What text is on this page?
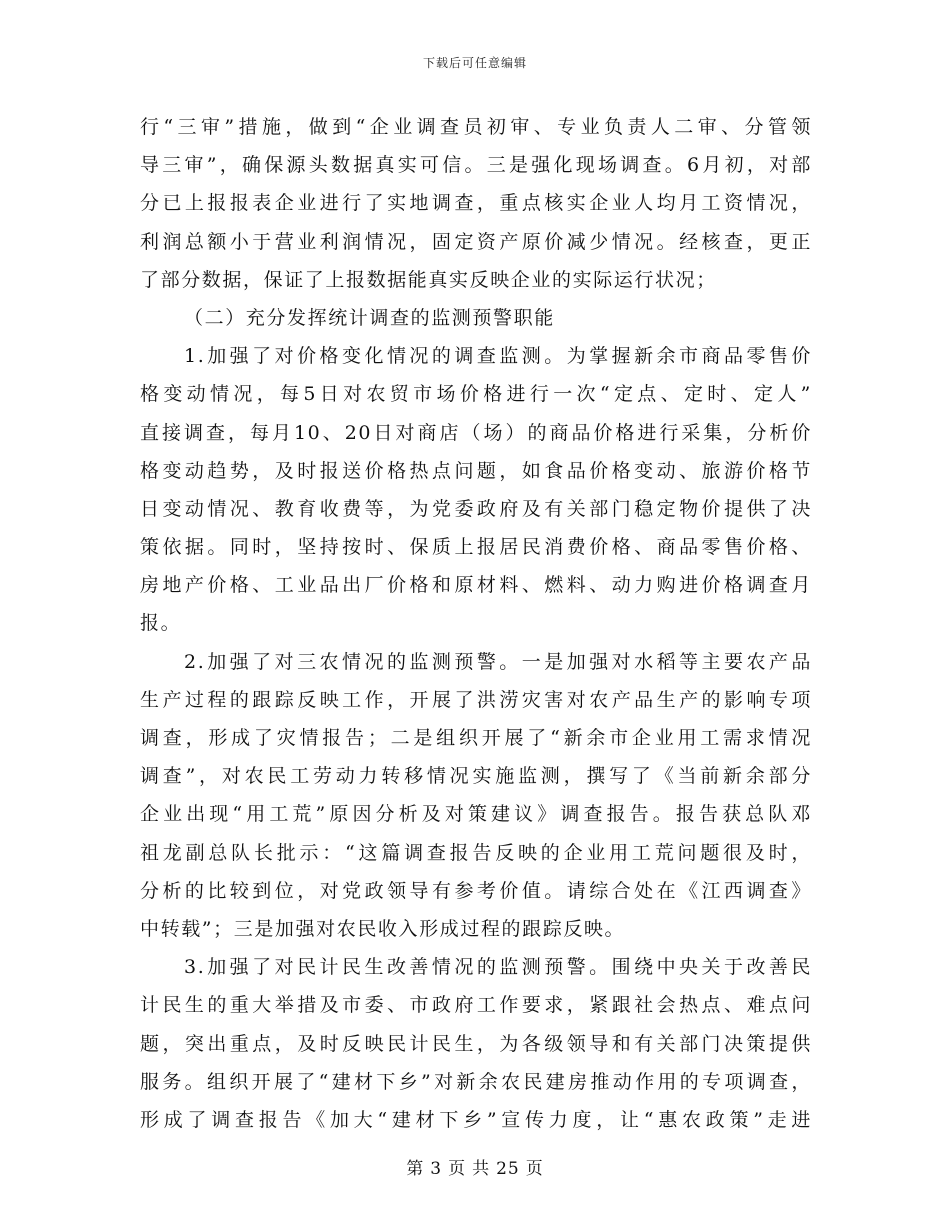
下载后可任意编辑
行“三审”措施，做到“企业调查员初审、专业负责人二审、分管领
导三审”，确保源头数据真实可信。三是强化现场调查。6月初，对部
分已上报报表企业进行了实地调查，重点核实企业人均月工资情况，
利润总额小于营业利润情况，固定资产原价减少情况。经核查，更正
了部分数据，保证了上报数据能真实反映企业的实际运行状况；
（二）充分发挥统计调查的监测预警职能
1.加强了对价格变化情况的调查监测。为掌握新余市商品零售价
格变动情况，每5日对农贸市场价格进行一次“定点、定时、定人”
直接调查，每月10、20日对商店（场）的商品价格进行采集，分析价
格变动趋势，及时报送价格热点问题，如食品价格变动、旅游价格节
日变动情况、教育收费等，为党委政府及有关部门稳定物价提供了决
策依据。同时，坚持按时、保质上报居民消费价格、商品零售价格、
房地产价格、工业品出厂价格和原材料、燃料、动力购进价格调查月
报。
2.加强了对三农情况的监测预警。一是加强对水稻等主要农产品
生产过程的跟踪反映工作，开展了洪涝灾害对农产品生产的影响专项
调查，形成了灾情报告；二是组织开展了“新余市企业用工需求情况
调查”，对农民工劳动力转移情况实施监测，撰写了《当前新余部分
企业出现“用工荒”原因分析及对策建议》调查报告。报告获总队邓
祖龙副总队长批示：“这篇调查报告反映的企业用工荒问题很及时，
分析的比较到位，对党政领导有参考价值。请综合处在《江西调查》
中转载”；三是加强对农民收入形成过程的跟踪反映。
3.加强了对民计民生改善情况的监测预警。围绕中央关于改善民
计民生的重大举措及市委、市政府工作要求，紧跟社会热点、难点问
题，突出重点，及时反映民计民生，为各级领导和有关部门决策提供
服务。组织开展了“建材下乡”对新余农民建房推动作用的专项调查，
形成了调查报告《加大“建材下乡”宣传力度，让“惠农政策”走进
第 3 页 共 25 页
